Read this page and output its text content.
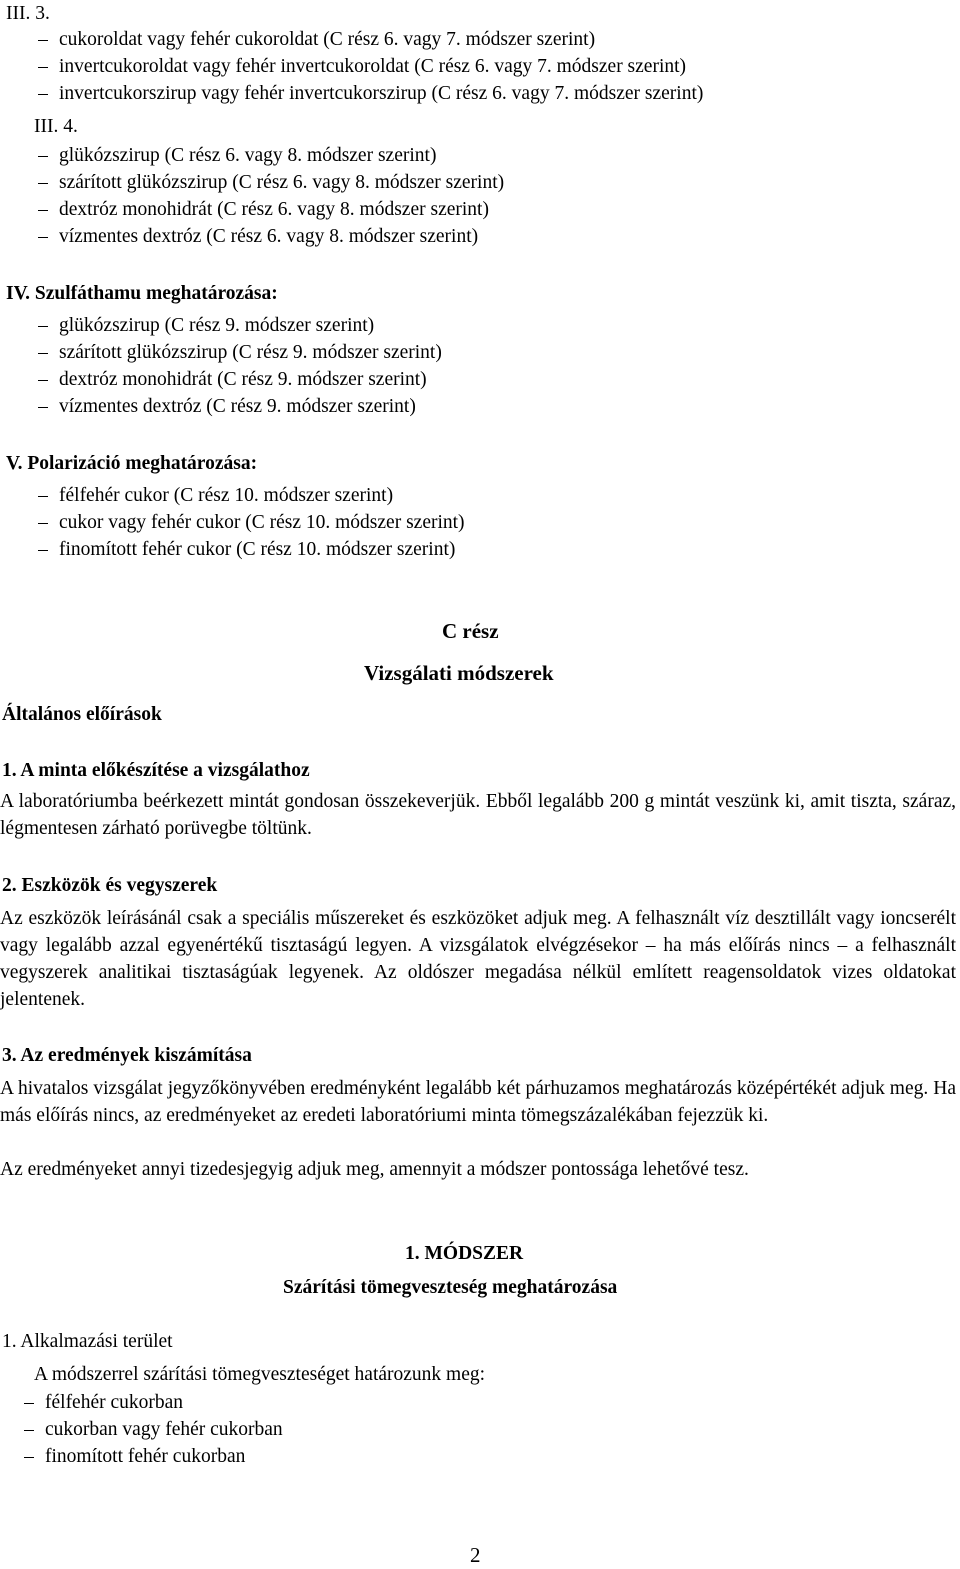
III. 3.
– cukoroldat vagy fehér cukoroldat (C rész 6. vagy 7. módszer szerint)
– invertcukoroldat vagy fehér invertcukoroldat (C rész 6. vagy 7. módszer szerint)
– invertcukorszirup vagy fehér invertcukorszirup (C rész 6. vagy 7. módszer szerint)
III. 4.
– glükózszirup (C rész 6. vagy 8. módszer szerint)
– szárított glükózszirup (C rész 6. vagy 8. módszer szerint)
– dextróz monohidrát (C rész 6. vagy 8. módszer szerint)
– vízmentes dextróz (C rész 6. vagy 8. módszer szerint)
IV. Szulfáthamu meghatározása:
– glükózszirup (C rész 9. módszer szerint)
– szárított glükózszirup (C rész 9. módszer szerint)
– dextróz monohidrát (C rész 9. módszer szerint)
– vízmentes dextróz (C rész 9. módszer szerint)
V. Polarizáció meghatározása:
– félfehér cukor (C rész 10. módszer szerint)
– cukor vagy fehér cukor (C rész 10. módszer szerint)
– finomított fehér cukor (C rész 10. módszer szerint)
C rész
Vizsgálati módszerek
Általános előírások
1. A minta előkészítése a vizsgálathoz

A laboratóriumba beérkezett mintát gondosan összekeverjük. Ebből legalább 200 g mintát veszünk ki, amit tiszta, száraz, légmentesen zárható porüvegbe töltünk.

2. Eszközök és vegyszerek

Az eszközök leírásánál csak a speciális műszereket és eszközöket adjuk meg. A felhasznált víz desztillált vagy ioncserélt vagy legalább azzal egyenértékű tisztaságú legyen. A vizsgálatok elvégzésekor – ha más előírás nincs – a felhasznált vegyszerek analitikai tisztaságúak legyenek. Az oldószer megadása nélkül említett reagensoldatok vizes oldatokat jelentenek.

3. Az eredmények kiszámítása

A hivatalos vizsgálat jegyzőkönyvében eredményként legalább két párhuzamos meghatározás középértékét adjuk meg. Ha más előírás nincs, az eredményeket az eredeti laboratóriumi minta tömegszázalékában fejezzük ki.

Az eredményeket annyi tizedesjegyig adjuk meg, amennyit a módszer pontossága lehetővé tesz.

1. MÓDSZER
Szárítási tömegveszteség meghatározása
1. Alkalmazási terület
A módszerrel szárítási tömegveszteséget határozunk meg:
– félfehér cukorban
– cukorban vagy fehér cukorban
– finomított fehér cukorban
2
